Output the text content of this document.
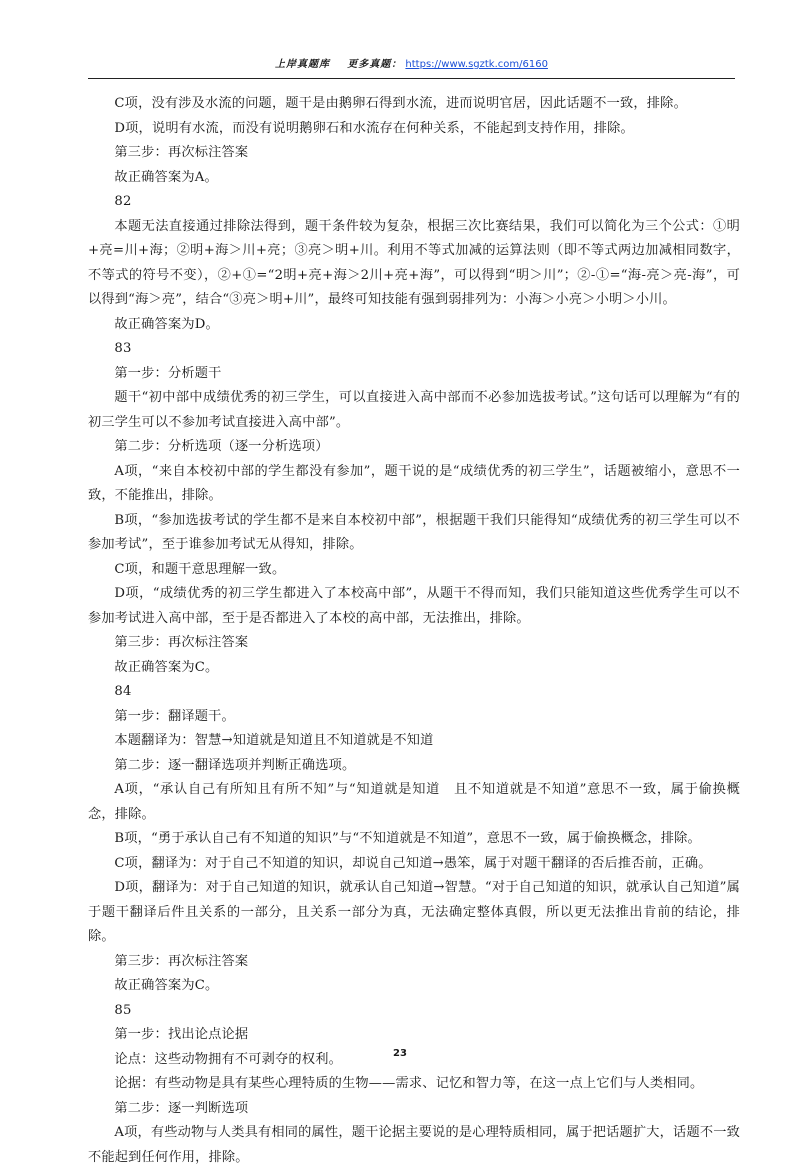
上岸真题库 更多真题： https://www.sgztk.com/6160

C项，没有涉及水流的问题，题干是由鹅卵石得到水流，进而说明官居，因此话题不一致，排除。

D项，说明有水流，而没有说明鹅卵石和水流存在何种关系，不能起到支持作用，排除。

第三步：再次标注答案

故正确答案为A。

82

本题无法直接通过排除法得到，题干条件较为复杂，根据三次比赛结果，我们可以简化为三个公式：①明+亮=川+海；②明+海＞川+亮；③亮＞明+川。利用不等式加减的运算法则（即不等式两边加减相同数字，不等式的符号不变），②+①=“2明+亮+海＞2川+亮+海”，可以得到“明＞川”；②-①=“海-亮＞亮-海”，可以得到“海＞亮”，结合“③亮＞明+川”，最终可知技能有强到弱排列为：小海＞小亮＞小明＞小川。

故正确答案为D。

83

第一步：分析题干

题干“初中部中成绩优秀的初三学生，可以直接进入高中部而不必参加选拔考试。”这句话可以理解为“有的初三学生可以不参加考试直接进入高中部”。

第二步：分析选项（逐一分析选项）

A项，“来自本校初中部的学生都没有参加”，题干说的是“成绩优秀的初三学生”，话题被缩小，意思不一致，不能推出，排除。

B项，“参加选拔考试的学生都不是来自本校初中部”，根据题干我们只能得知“成绩优秀的初三学生可以不参加考试”，至于谁参加考试无从得知，排除。

C项，和题干意思理解一致。

D项，“成绩优秀的初三学生都进入了本校高中部”，从题干不得而知，我们只能知道这些优秀学生可以不参加考试进入高中部，至于是否都进入了本校的高中部，无法推出，排除。

第三步：再次标注答案

故正确答案为C。

84

第一步：翻译题干。

本题翻译为：智慧→知道就是知道且不知道就是不知道

第二步：逐一翻译选项并判断正确选项。

A项，“承认自己有所知且有所不知”与“知道就是知道　且不知道就是不知道”意思不一致，属于偷换概念，排除。

B项，“勇于承认自己有不知道的知识”与“不知道就是不知道”，意思不一致，属于偷换概念，排除。

C项，翻译为：对于自己不知道的知识，却说自己知道→愚笨，属于对题干翻译的否后推否前，正确。

D项，翻译为：对于自己知道的知识，就承认自己知道→智慧。“对于自己知道的知识，就承认自己知道”属于题干翻译后件且关系的一部分，且关系一部分为真，无法确定整体真假，所以更无法推出肯前的结论，排除。

第三步：再次标注答案

故正确答案为C。

85

第一步：找出论点论据

论点：这些动物拥有不可剥夺的权利。

论据：有些动物是具有某些心理特质的生物——需求、记忆和智力等，在这一点上它们与人类相同。

第二步：逐一判断选项

A项，有些动物与人类具有相同的属性，题干论据主要说的是心理特质相同，属于把话题扩大，话题不一致不能起到任何作用，排除。

23
